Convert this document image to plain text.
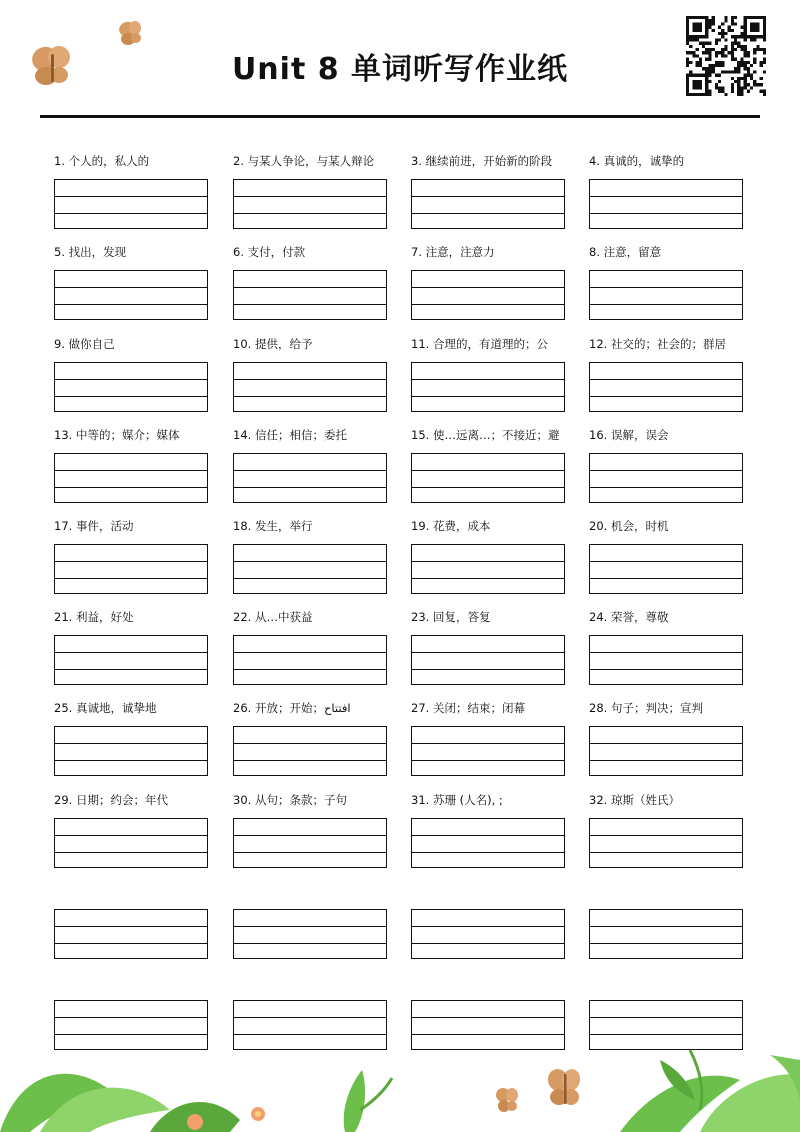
Unit 8 单词听写作业纸
1. 个人的，私人的	2. 与某人争论，与某人辩论	3. 继续前进，开始新的阶段	4. 真诚的，诚挚的
5. 找出，发现	6. 支付，付款	7. 注意，注意力	8. 注意，留意
9. 做你自己	10. 提供，给予	11. 合理的，有道理的；公	12. 社交的；社会的；群居
13. 中等的；媒介；媒体	14. 信任；相信；委托	15. 使…远离…；不接近；避	16. 误解，误会
17. 事件，活动	18. 发生，举行	19. 花费，成本	20. 机会，时机
21. 利益，好处	22. 从…中获益	23. 回复，答复	24. 荣誉，尊敬
25. 真诚地，诚挚地	26. 开放；开始；افتتاح	27. 关闭；结束；闭幕	28. 句子；判决；宣判
29. 日期；约会；年代	30. 从句；条款；子句	31. 苏珊 (人名), ;	32. 琼斯（姓氏）
